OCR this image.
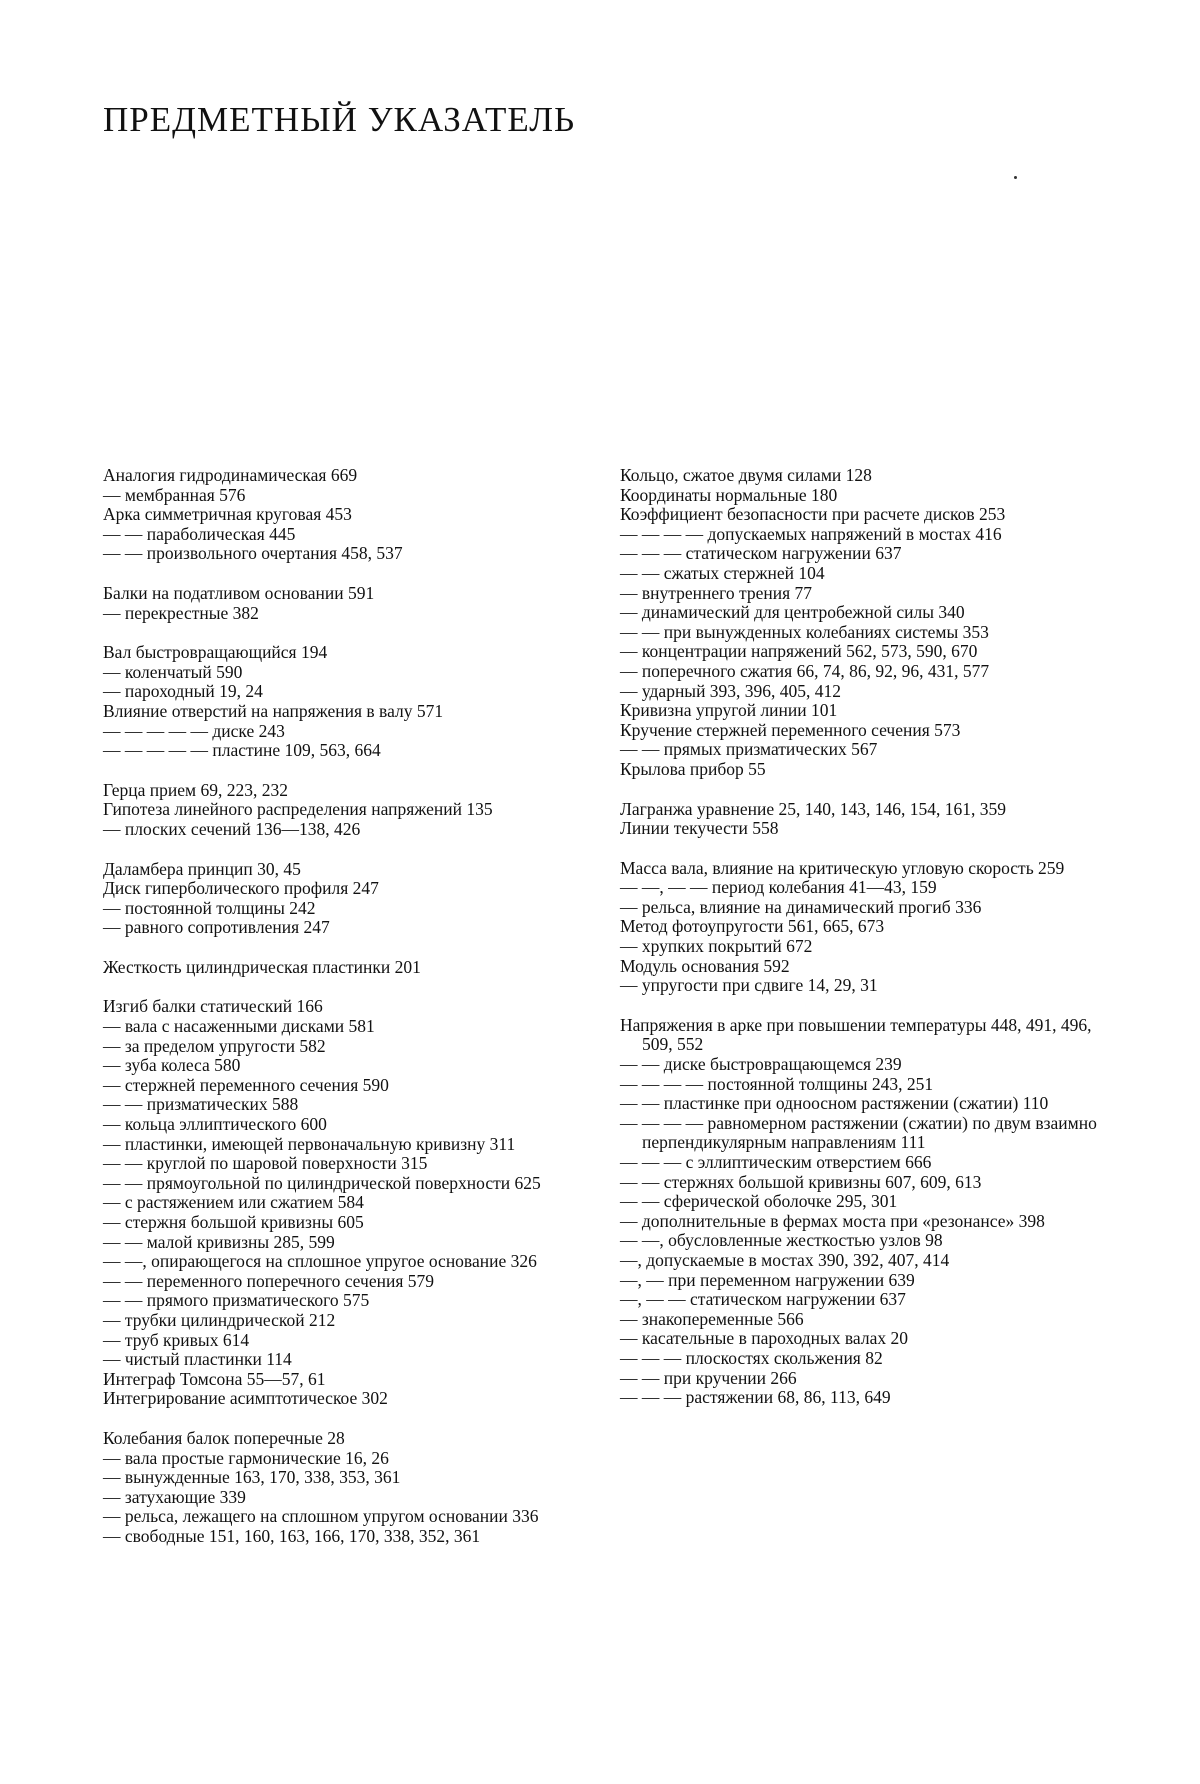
ПРЕДМЕТНЫЙ УКАЗАТЕЛЬ
Аналогия гидродинамическая 669
— мембранная 576
Арка симметричная круговая 453
— — параболическая 445
— — произвольного очертания 458, 537
Балки на податливом основании 591
— перекрестные 382
Вал быстровращающийся 194
— коленчатый 590
— пароходный 19, 24
Влияние отверстий на напряжения в валу 571
— — — — — диске 243
— — — — — пластине 109, 563, 664
Герца прием 69, 223, 232
Гипотеза линейного распределения напряжений 135
— плоских сечений 136—138, 426
Даламбера принцип 30, 45
Диск гиперболического профиля 247
— постоянной толщины 242
— равного сопротивления 247
Жесткость цилиндрическая пластинки 201
Изгиб балки статический 166
— вала с насаженными дисками 581
— за пределом упругости 582
— зуба колеса 580
— стержней переменного сечения 590
— — призматических 588
— кольца эллиптического 600
— пластинки, имеющей первоначальную кривизну 311
— — круглой по шаровой поверхности 315
— — прямоугольной по цилиндрической поверхности 625
— с растяжением или сжатием 584
— стержня большой кривизны 605
— — малой кривизны 285, 599
— —, опирающегося на сплошное упругое основание 326
— — переменного поперечного сечения 579
— — прямого призматического 575
— трубки цилиндрической 212
— труб кривых 614
— чистый пластинки 114
Интеграф Томсона 55—57, 61
Интегрирование асимптотическое 302
Колебания балок поперечные 28
— вала простые гармонические 16, 26
— вынужденные 163, 170, 338, 353, 361
— затухающие 339
— рельса, лежащего на сплошном упругом основании 336
— свободные 151, 160, 163, 166, 170, 338, 352, 361
Кольцо, сжатое двумя силами 128
Координаты нормальные 180
Коэффициент безопасности при расчете дисков 253
— — — — допускаемых напряжений в мостах 416
— — — статическом нагружении 637
— — сжатых стержней 104
— внутреннего трения 77
— динамический для центробежной силы 340
— — при вынужденных колебаниях системы 353
— концентрации напряжений 562, 573, 590, 670
— поперечного сжатия 66, 74, 86, 92, 96, 431, 577
— ударный 393, 396, 405, 412
Кривизна упругой линии 101
Кручение стержней переменного сечения 573
— — прямых призматических 567
Крылова прибор 55
Лагранжа уравнение 25, 140, 143, 146, 154, 161, 359
Линии текучести 558
Масса вала, влияние на критическую угловую скорость 259
— —, — — период колебания 41—43, 159
— рельса, влияние на динамический прогиб 336
Метод фотоупругости 561, 665, 673
— хрупких покрытий 672
Модуль основания 592
— упругости при сдвиге 14, 29, 31
Напряжения в арке при повышении температуры 448, 491, 496, 509, 552
— — диске быстровращающемся 239
— — — — постоянной толщины 243, 251
— — пластинке при одноосном растяжении (сжатии) 110
— — — — равномерном растяжении (сжатии) по двум взаимно перпендикулярным направлениям 111
— — — с эллиптическим отверстием 666
— — стержнях большой кривизны 607, 609, 613
— — сферической оболочке 295, 301
— дополнительные в фермах моста при «резонансе» 398
— —, обусловленные жесткостью узлов 98
—, допускаемые в мостах 390, 392, 407, 414
—, — при переменном нагружении 639
—, — — статическом нагружении 637
— знакопеременные 566
— касательные в пароходных валах 20
— — — плоскостях скольжения 82
— — при кручении 266
— — — растяжении 68, 86, 113, 649
